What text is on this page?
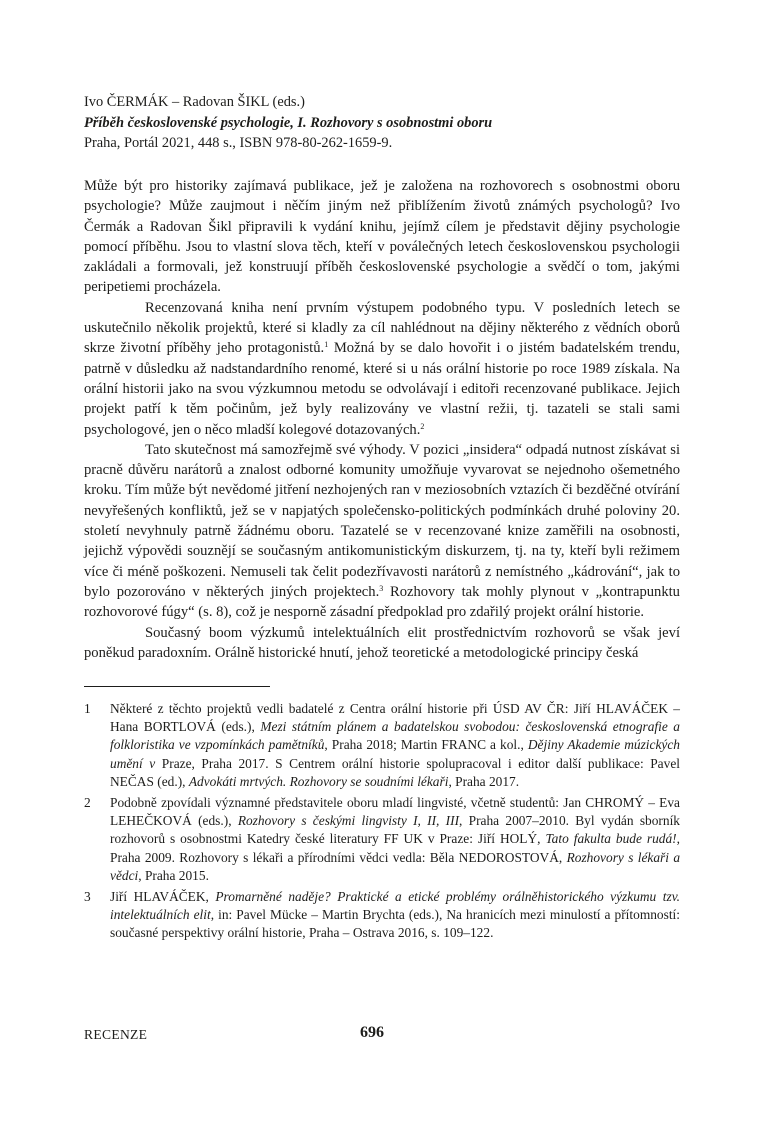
Ivo ČERMÁK – Radovan ŠIKL (eds.)
Příběh československé psychologie, I. Rozhovory s osobnostmi oboru
Praha, Portál 2021, 448 s., ISBN 978-80-262-1659-9.

Může být pro historiky zajímavá publikace, jež je založena na rozhovorech s osobnostmi oboru psychologie? Může zaujmout i něčím jiným než přiblížením životů známých psychologů? Ivo Čermák a Radovan Šikl připravili k vydání knihu, jejímž cílem je představit dějiny psychologie pomocí příběhu. Jsou to vlastní slova těch, kteří v poválečných letech československou psychologii zakládali a formovali, jež konstruují příběh československé psychologie a svědčí o tom, jakými peripetiemi procházela.

Recenzovaná kniha není prvním výstupem podobného typu. V posledních letech se uskutečnilo několik projektů, které si kladly za cíl nahlédnout na dějiny některého z vědních oborů skrze životní příběhy jeho protagonistů.$^1$ Možná by se dalo hovořit i o jistém badatelském trendu, patrně v důsledku až nadstandardního renomé, které si u nás orální historie po roce 1989 získala. Na orální historii jako na svou výzkumnou metodu se odvolávají i editoři recenzované publikace. Jejich projekt patří k těm počinům, jež byly realizovány ve vlastní režii, tj. tazateli se stali sami psychologové, jen o něco mladší kolegové dotazovaných.$^2$

Tato skutečnost má samozřejmě své výhody. V pozici „insidera“ odpadá nutnost získávat si pracně důvěru narátorů a znalost odborné komunity umožňuje vyvarovat se nejednoho ošemetného kroku. Tím může být nevědomé jitření nezhojených ran v meziosobních vztazích či bezděčné otvírání nevyřešených konfliktů, jež se v napjatých společensko-politických podmínkách druhé poloviny 20. století nevyhnuly patrně žádnému oboru. Tazatelé se v recenzované knize zaměřili na osobnosti, jejichž výpovědi souznějí se současným antikomunistickým diskurzem, tj. na ty, kteří byli režimem více či méně poškozeni. Nemuseli tak čelit podezřívavosti narátorů z nemístného „kádrování“, jak to bylo pozorováno v některých jiných projektech.$^3$ Rozhovory tak mohly plynout v „kontrapunktu rozhovorové fúgy“ (s. 8), což je nesporně zásadní předpoklad pro zdařilý projekt orální historie.

Současný boom výzkumů intelektuálních elit prostřednictvím rozhovorů se však jeví poněkud paradoxním. Orálně historické hnutí, jehož teoretické a metodologické principy česká

1	Některé z těchto projektů vedli badatelé z Centra orální historie při ÚSD AV ČR: Jiří HLAVÁČEK – Hana BORTLOVÁ (eds.), Mezi státním plánem a badatelskou svobodou: československá etnografie a folkloristika ve vzpomínkách pamětníků, Praha 2018; Martin FRANC a kol., Dějiny Akademie múzických umění v Praze, Praha 2017. S Centrem orální historie spolupracoval i editor další publikace: Pavel NEČAS (ed.), Advokáti mrtvých. Rozhovory se soudními lékaři, Praha 2017.
2	Podobně zpovídali významné představitele oboru mladí lingvisté, včetně studentů: Jan CHROMÝ – Eva LEHEČKOVÁ (eds.), Rozhovory s českými lingvisty I, II, III, Praha 2007–2010. Byl vydán sborník rozhovorů s osobnostmi Katedry české literatury FF UK v Praze: Jiří HOLÝ, Tato fakulta bude rudá!, Praha 2009. Rozhovory s lékaři a přírodními vědci vedla: Běla NEDOROSTOVÁ, Rozhovory s lékaři a vědci, Praha 2015.
3	Jiří HLAVÁČEK, Promarněné naděje? Praktické a etické problémy orálněhistorického výzkumu tzv. intelektuálních elit, in: Pavel Mücke – Martin Brychta (eds.), Na hranicích mezi minulostí a přítomností: současné perspektivy orální historie, Praha – Ostrava 2016, s. 109–122.
RECENZE	696
